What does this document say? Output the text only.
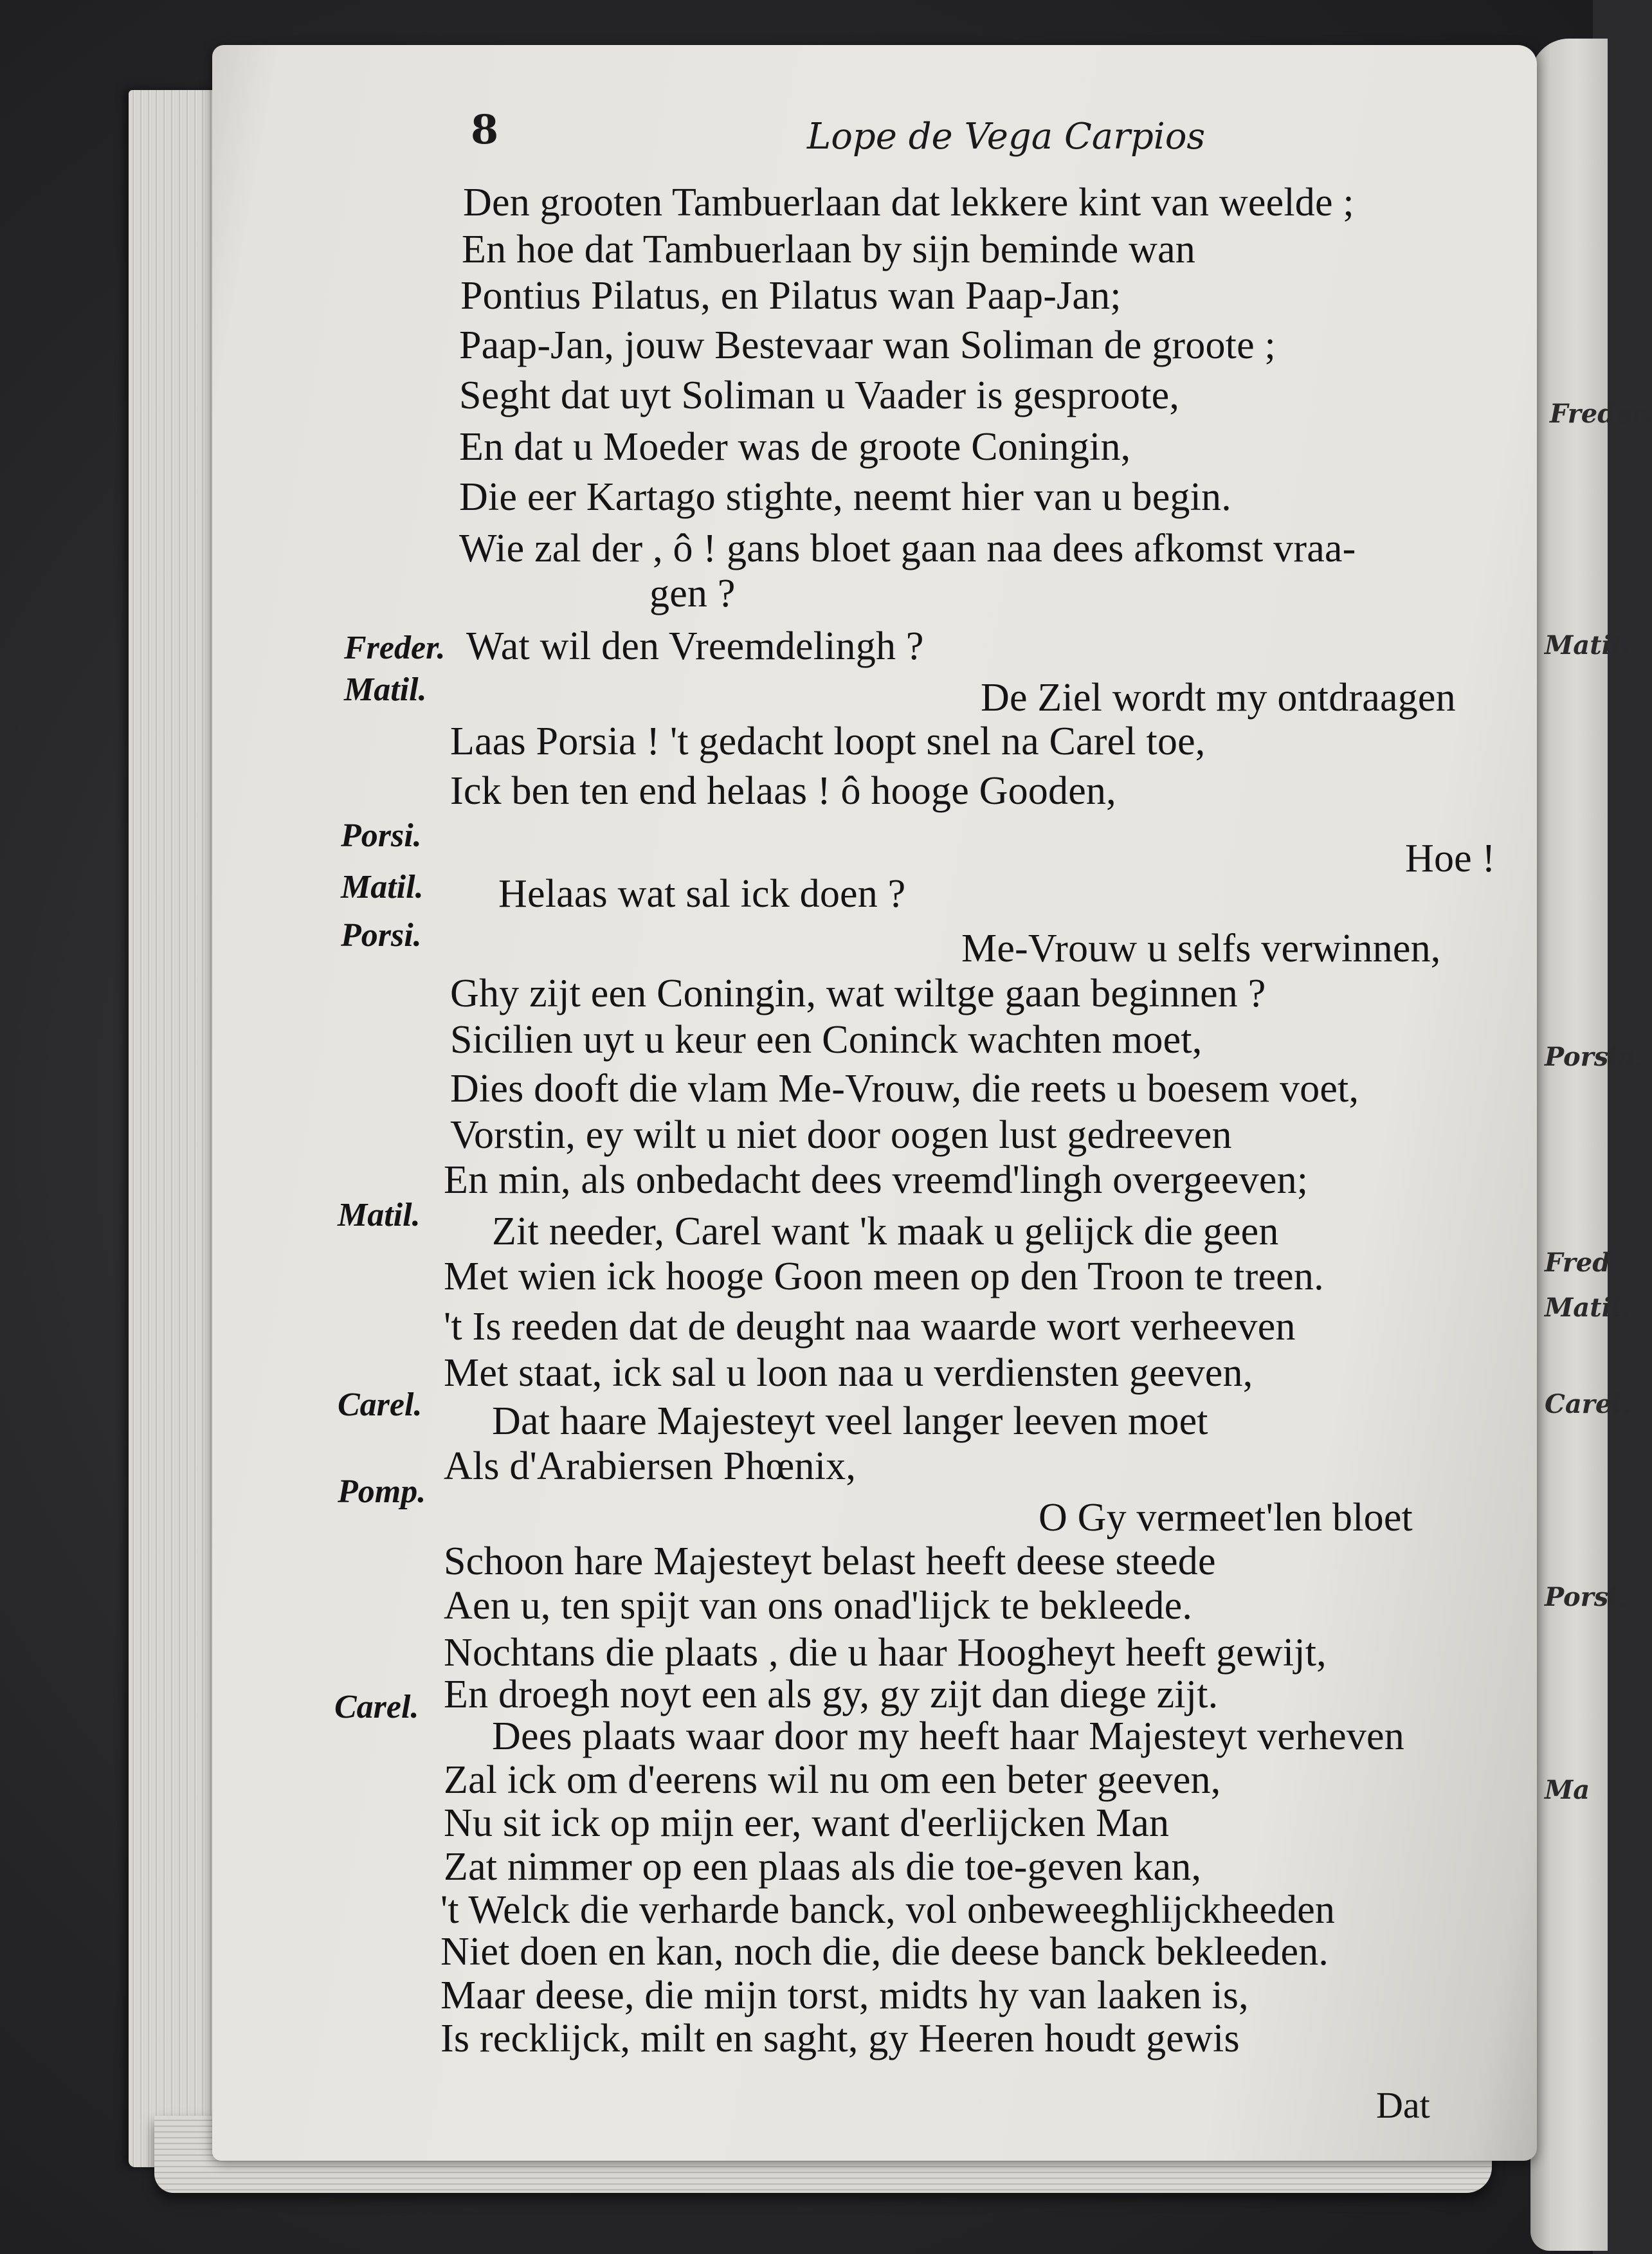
Freder.
Matil.
Porsia.
Fred
Matil.
Carel.
Porsi.
Ma
8	Lope de Vega Carpios
Freder.
Matil.
Porsi.
Matil.
Porsi.
Matil.
Carel.
Pomp.
Carel.
Den grooten Tambuerlaan dat lekkere kint van weelde ;
En hoe dat Tambuerlaan by sijn beminde wan
Pontius Pilatus, en Pilatus wan Paap-Jan;
Paap-Jan, jouw Bestevaar wan Soliman de groote ;
Seght dat uyt Soliman u Vaader is gesproote,
En dat u Moeder was de groote Coningin,
Die eer Kartago stighte, neemt hier van u begin.
Wie zal der , ô ! gans bloet gaan naa dees afkomst vraa-
gen ?
Wat wil den Vreemdelingh ?
De Ziel wordt my ontdraagen
Laas Porsia ! 't gedacht loopt snel na Carel toe,
Ick ben ten end helaas ! ô hooge Gooden,
Hoe !
Helaas wat sal ick doen ?
Me-Vrouw u selfs verwinnen,
Ghy zijt een Coningin, wat wiltge gaan beginnen ?
Sicilien uyt u keur een Coninck wachten moet,
Dies dooft die vlam Me-Vrouw, die reets u boesem voet,
Vorstin, ey wilt u niet door oogen lust gedreeven
En min, als onbedacht dees vreemd'lingh overgeeven;
Zit needer, Carel want 'k maak u gelijck die geen
Met wien ick hooge Goon meen op den Troon te treen.
't Is reeden dat de deught naa waarde wort verheeven
Met staat, ick sal u loon naa u verdiensten geeven,
Dat haare Majesteyt veel langer leeven moet
Als d'Arabiersen Phœnix,
O Gy vermeet'len bloet
Schoon hare Majesteyt belast heeft deese steede
Aen u, ten spijt van ons onad'lijck te bekleede.
Nochtans die plaats , die u haar Hoogheyt heeft gewijt,
En droegh noyt een als gy, gy zijt dan diege zijt.
Dees plaats waar door my heeft haar Majesteyt verheven
Zal ick om d'eerens wil nu om een beter geeven,
Nu sit ick op mijn eer, want d'eerlijcken Man
Zat nimmer op een plaas als die toe-geven kan,
't Welck die verharde banck, vol onbeweeghlijckheeden
Niet doen en kan, noch die, die deese banck bekleeden.
Maar deese, die mijn torst, midts hy van laaken is,
Is recklijck, milt en saght, gy Heeren houdt gewis
Dat
